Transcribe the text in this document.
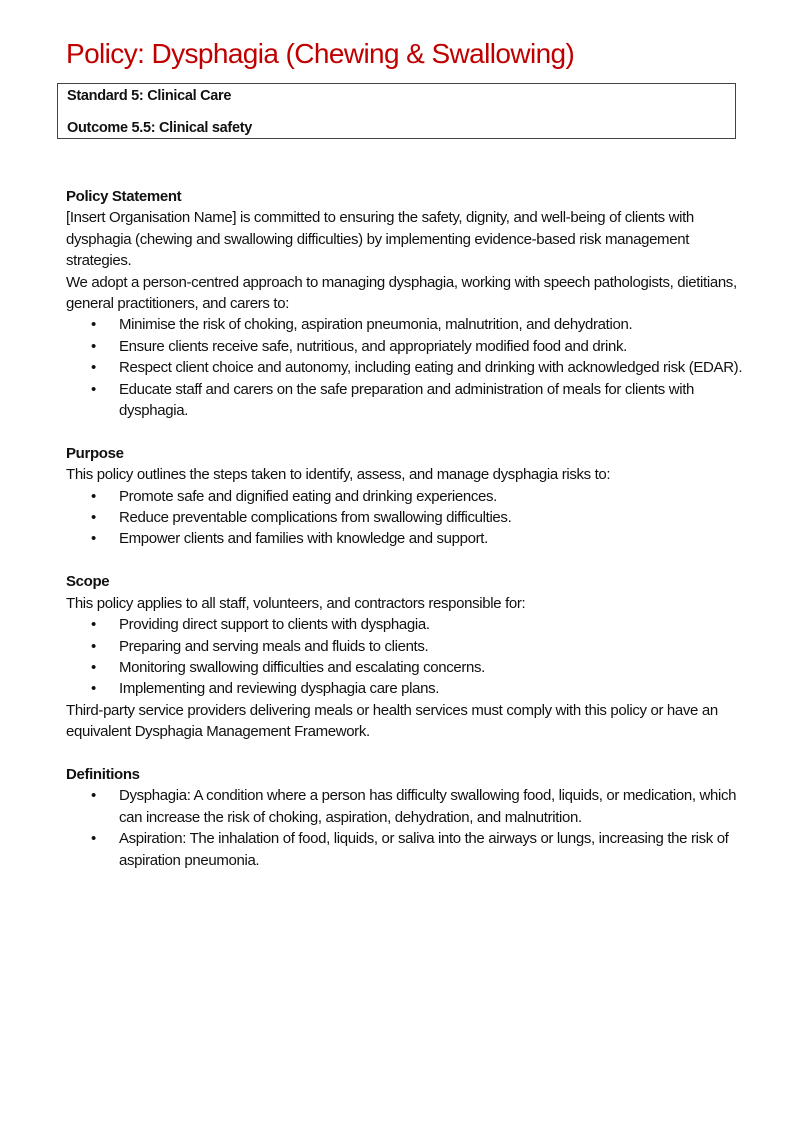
Policy: Dysphagia (Chewing & Swallowing)
Standard 5: Clinical Care
Outcome 5.5: Clinical safety

Policy Statement

[Insert Organisation Name] is committed to ensuring the safety, dignity, and well-being of clients with dysphagia (chewing and swallowing difficulties) by implementing evidence-based risk management strategies.

We adopt a person-centred approach to managing dysphagia, working with speech pathologists, dietitians, general practitioners, and carers to:

• Minimise the risk of choking, aspiration pneumonia, malnutrition, and dehydration.
• Ensure clients receive safe, nutritious, and appropriately modified food and drink.
• Respect client choice and autonomy, including eating and drinking with acknowledged risk (EDAR).
• Educate staff and carers on the safe preparation and administration of meals for clients with dysphagia.

Purpose

This policy outlines the steps taken to identify, assess, and manage dysphagia risks to:

• Promote safe and dignified eating and drinking experiences.
• Reduce preventable complications from swallowing difficulties.
• Empower clients and families with knowledge and support.

Scope

This policy applies to all staff, volunteers, and contractors responsible for:

• Providing direct support to clients with dysphagia.
• Preparing and serving meals and fluids to clients.
• Monitoring swallowing difficulties and escalating concerns.
• Implementing and reviewing dysphagia care plans.

Third-party service providers delivering meals or health services must comply with this policy or have an equivalent Dysphagia Management Framework.

Definitions

• Dysphagia: A condition where a person has difficulty swallowing food, liquids, or medication, which can increase the risk of choking, aspiration, dehydration, and malnutrition.
• Aspiration: The inhalation of food, liquids, or saliva into the airways or lungs, increasing the risk of aspiration pneumonia.
